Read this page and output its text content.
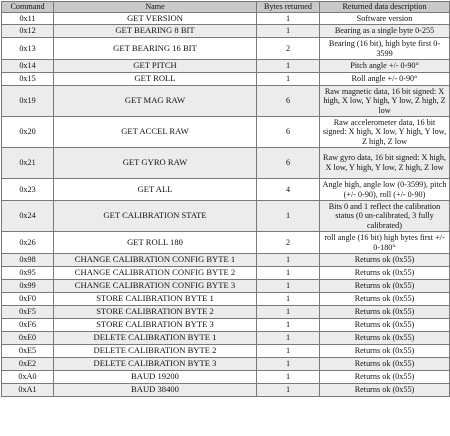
Command	Name	Bytes returned	Returned data description
0x11	GET VERSION	1	Software version
0x12	GET BEARING 8 BIT	1	Bearing as a single byte 0-255
0x13	GET BEARING 16 BIT	2	Bearing (16 bit), high byte first 0-3599
0x14	GET PITCH	1	Pitch angle +/- 0-90°
0x15	GET ROLL	1	Roll angle +/- 0-90°
0x19	GET MAG RAW	6	Raw magnetic data, 16 bit signed: X high, X low, Y high, Y low, Z high, Z low
0x20	GET ACCEL RAW	6	Raw accelerometer data, 16 bit signed: X high, X low, Y high, Y low, Z high, Z low
0x21	GET GYRO RAW	6	Raw gyro data, 16 bit signed: X high, X low, Y high, Y low, Z high, Z low
0x23	GET ALL	4	Angle high, angle low (0-3599), pitch (+/- 0-90), roll (+/- 0-90)
0x24	GET CALIBRATION STATE	1	Bits 0 and 1 reflect the calibration status (0 un-calibrated, 3 fully calibrated)
0x26	GET ROLL 180	2	roll angle (16 bit) high bytes first +/- 0-180°
0x98	CHANGE CALIBRATION CONFIG BYTE 1	1	Returns ok (0x55)
0x95	CHANGE CALIBRATION CONFIG BYTE 2	1	Returns ok (0x55)
0x99	CHANGE CALIBRATION CONFIG BYTE 3	1	Returns ok (0x55)
0xF0	STORE CALIBRATION BYTE 1	1	Returns ok (0x55)
0xF5	STORE CALIBRATION BYTE 2	1	Returns ok (0x55)
0xF6	STORE CALIBRATION BYTE 3	1	Returns ok (0x55)
0xE0	DELETE CALIBRATION BYTE 1	1	Returns ok (0x55)
0xE5	DELETE CALIBRATION BYTE 2	1	Returns ok (0x55)
0xE2	DELETE CALIBRATION BYTE 3	1	Returns ok (0x55)
0xA0	BAUD 19200	1	Returns ok (0x55)
0xA1	BAUD 38400	1	Returns ok (0x55)
